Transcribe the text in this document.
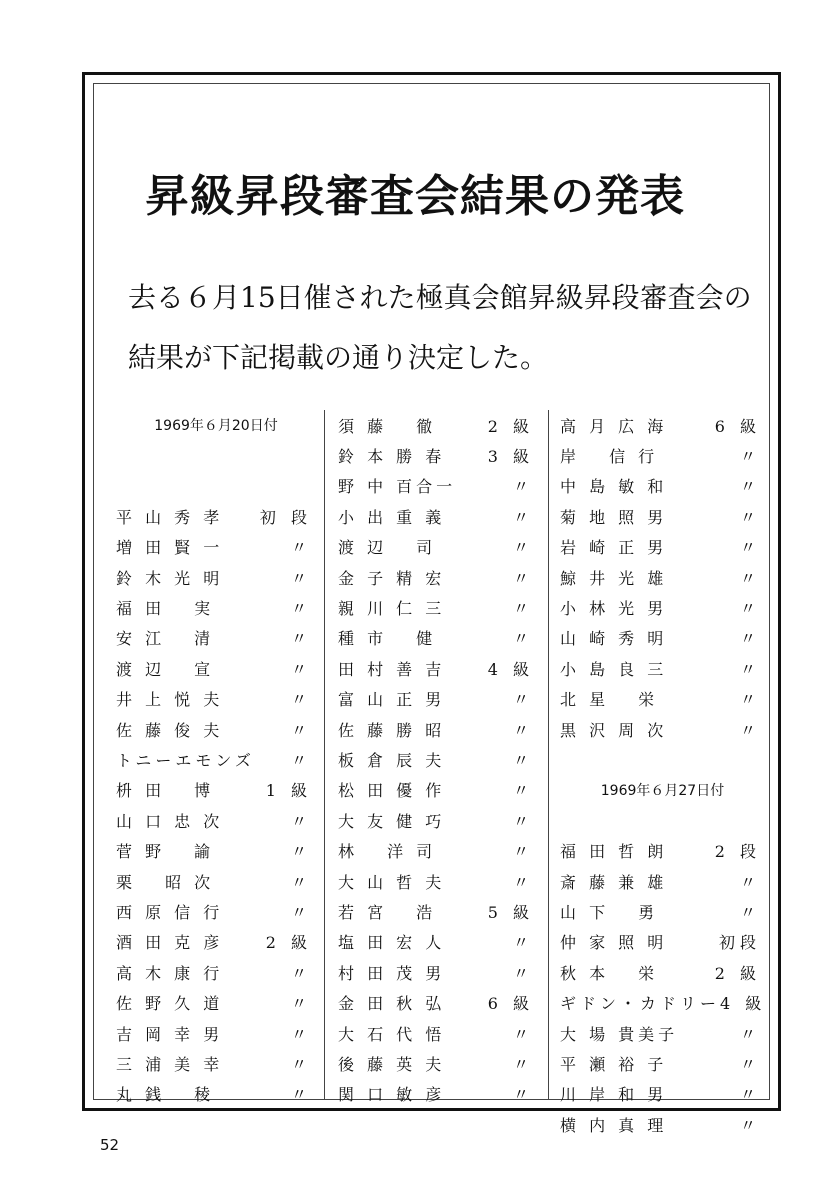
昇級昇段審査会結果の発表

去る６月15日催された極真会館昇級昇段審査会の結果が下記掲載の通り決定した。

1969年６月20日付
平 山 秀 孝 初 段
増 田 賢 一	〃
鈴 木 光 明	〃
福 田　 実	〃
安 江　 清	〃
渡 辺　 宣	〃
井 上 悦 夫	〃
佐 藤 俊 夫	〃
トニーエモンズ 〃
枡 田　 博	1 級
山 口 忠 次	〃
菅 野　 諭	〃
栗　 昭 次	〃
西 原 信 行	〃
酒 田 克 彦	2 級
高 木 康 行	〃
佐 野 久 道	〃
吉 岡 幸 男	〃
三 浦 美 幸	〃
丸 銭　 稜	〃
須 藤　 徹	2 級
鈴 本 勝 春	3 級
野 中 百合一	〃
小 出 重 義	〃
渡 辺　 司	〃
金 子 精 宏	〃
親 川 仁 三	〃
種 市　 健	〃
田 村 善 吉	4 級
富 山 正 男	〃
佐 藤 勝 昭	〃
板 倉 辰 夫	〃
松 田 優 作	〃
大 友 健 巧	〃
林　 洋 司	〃
大 山 哲 夫	〃
若 宮　 浩	5 級
塩 田 宏 人	〃
村 田 茂 男	〃
金 田 秋 弘	6 級
大 石 代 悟	〃
後 藤 英 夫	〃
関 口 敏 彦	〃
高 月 広 海	6 級
岸　 信 行	〃
中 島 敏 和	〃
菊 地 照 男	〃
岩 崎 正 男	〃
鯨 井 光 雄	〃
小 林 光 男	〃
山 崎 秀 明	〃
小 島 良 三	〃
北 星　 栄	〃
黒 沢 周 次	〃
1969年６月27日付
福 田 哲 朗	2 段
斎 藤 兼 雄	〃
山 下　 勇	〃
仲 家 照 明	初段
秋 本　 栄	2 級
ギドン・カドリー 4 級
大 場 貴美子	〃
平 瀬 裕 子	〃
川 岸 和 男	〃
横 内 真 理	〃
52
